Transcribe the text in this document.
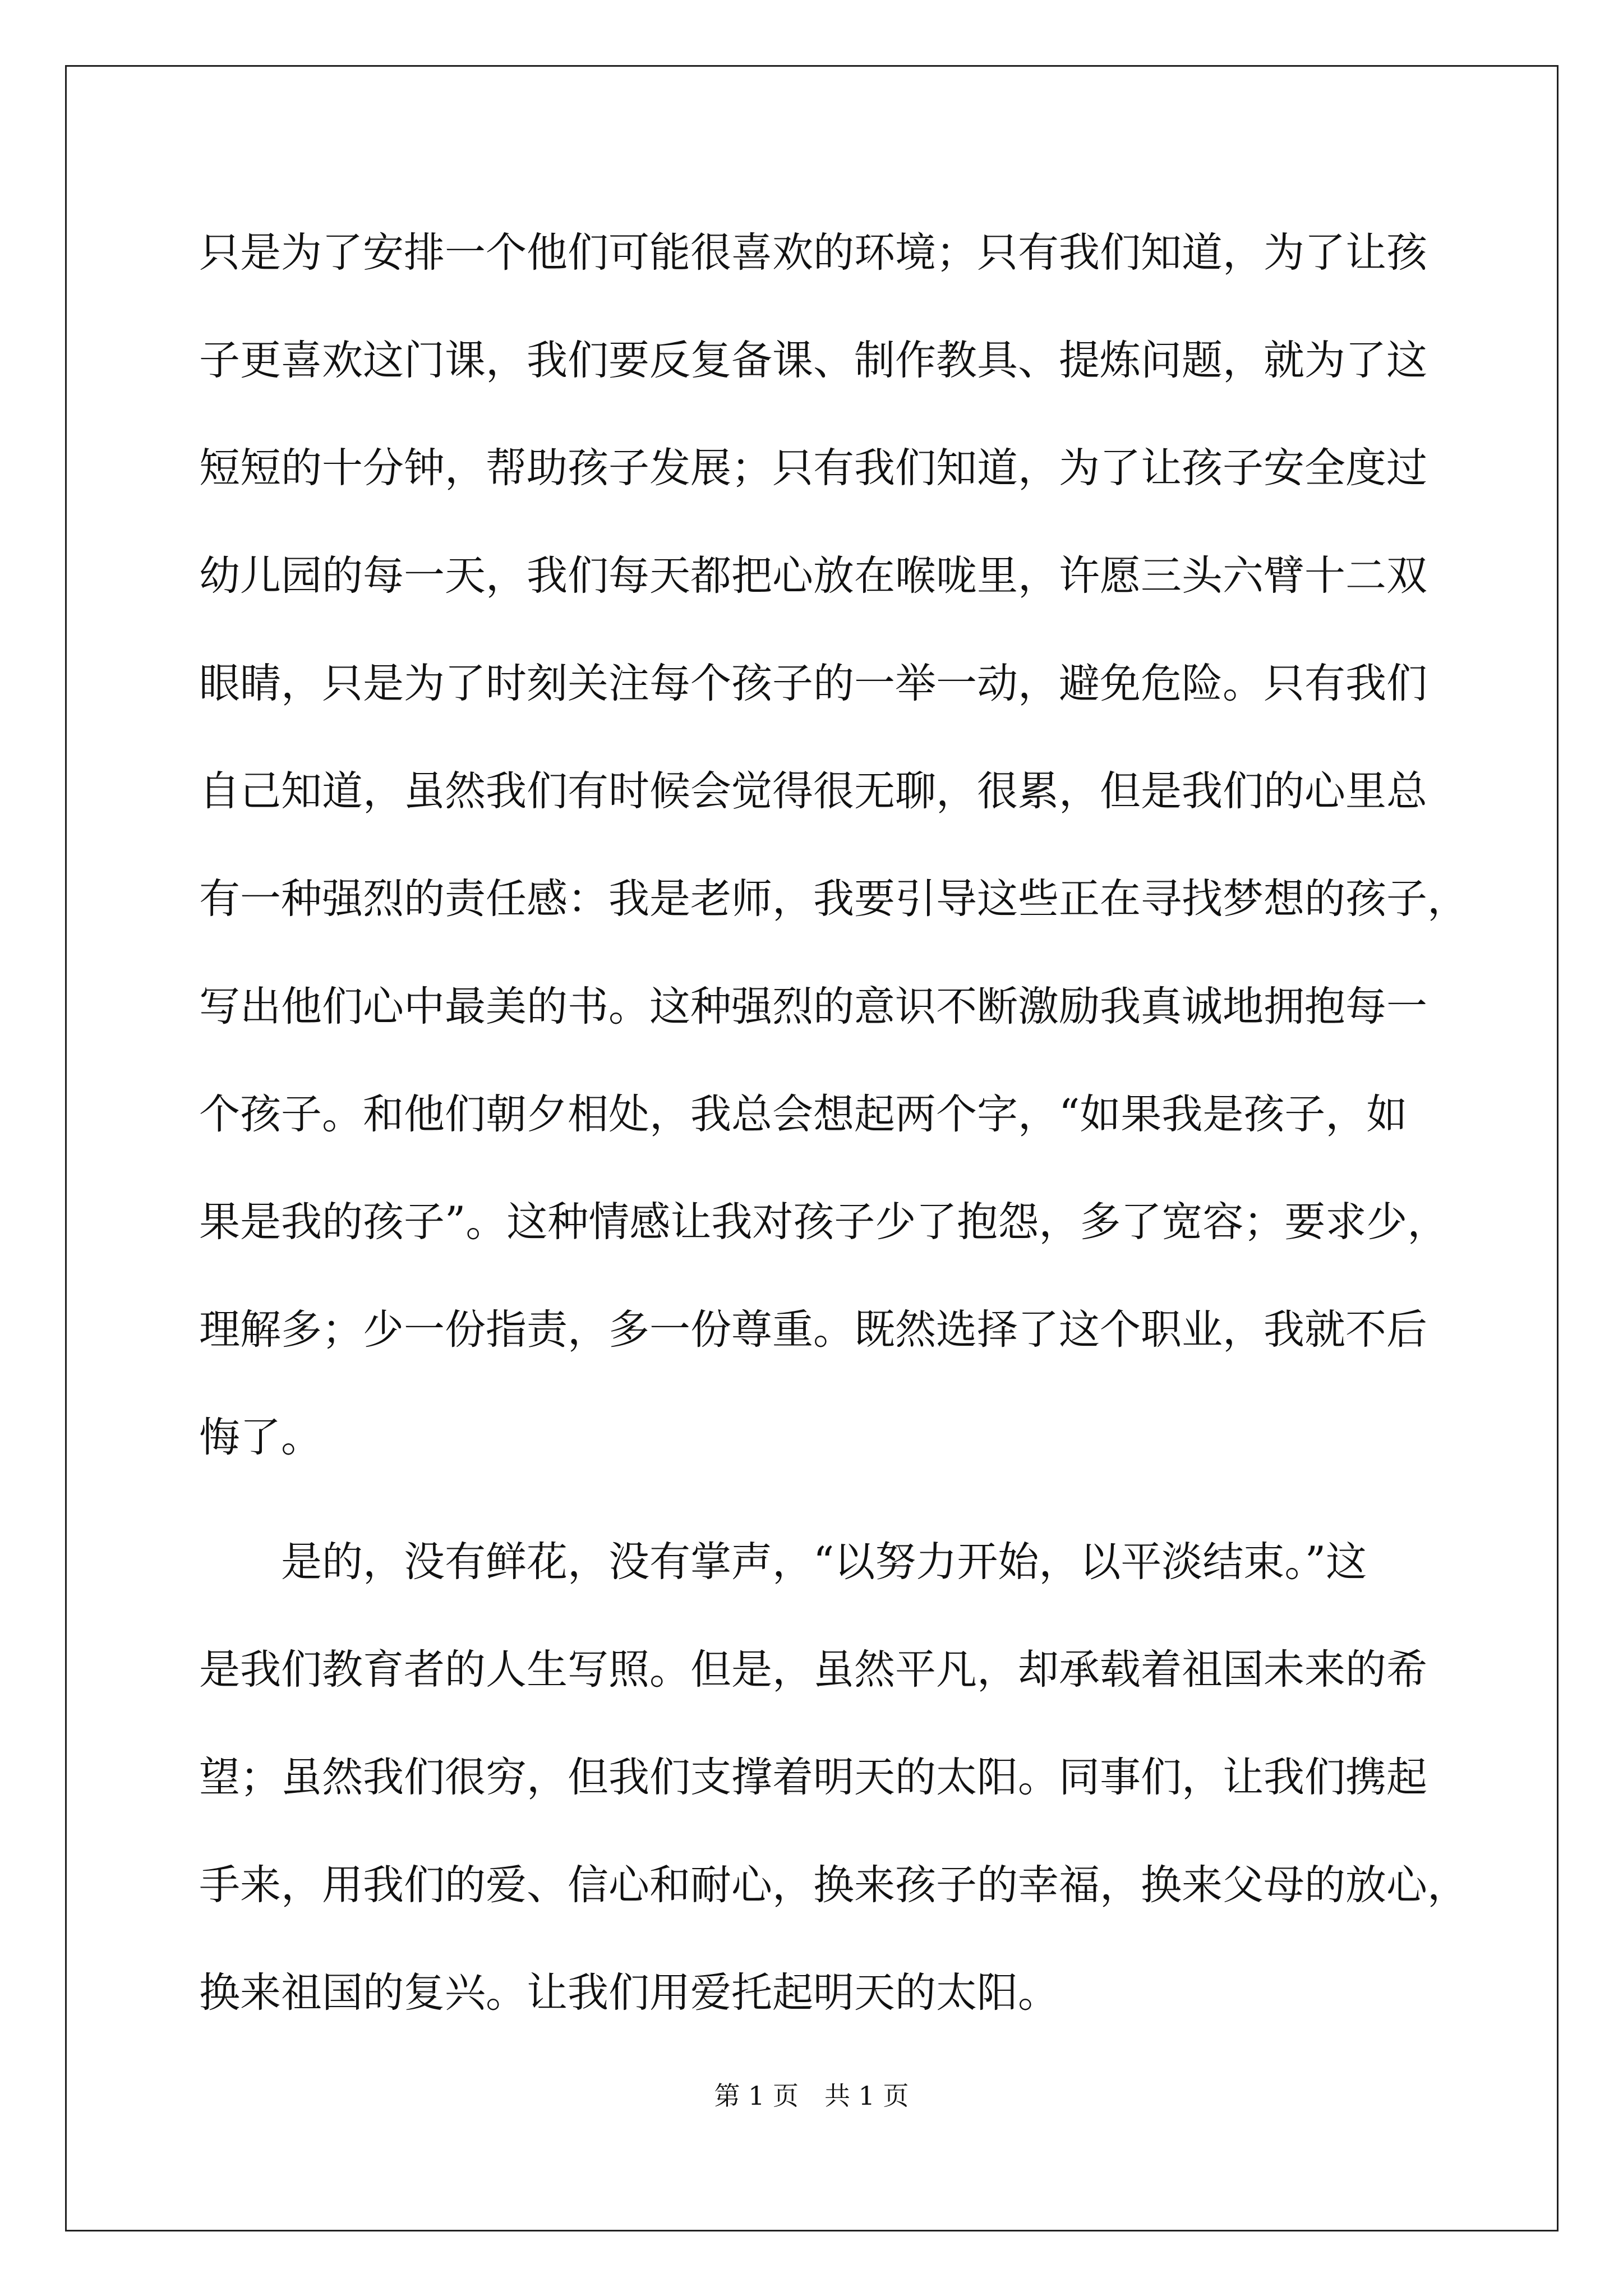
只是为了安排一个他们可能很喜欢的环境；只有我们知道，为了让孩
子更喜欢这门课，我们要反复备课、制作教具、提炼问题，就为了这
短短的十分钟，帮助孩子发展；只有我们知道，为了让孩子安全度过
幼儿园的每一天，我们每天都把心放在喉咙里，许愿三头六臂十二双
眼睛，只是为了时刻关注每个孩子的一举一动，避免危险。只有我们
自己知道，虽然我们有时候会觉得很无聊，很累，但是我们的心里总
有一种强烈的责任感：我是老师，我要引导这些正在寻找梦想的孩子，
写出他们心中最美的书。这种强烈的意识不断激励我真诚地拥抱每一
个孩子。和他们朝夕相处，我总会想起两个字，“如果我是孩子，如
果是我的孩子”。这种情感让我对孩子少了抱怨，多了宽容；要求少，
理解多；少一份指责，多一份尊重。既然选择了这个职业，我就不后
悔了。
　　是的，没有鲜花，没有掌声，“以努力开始，以平淡结束。”这
是我们教育者的人生写照。但是，虽然平凡，却承载着祖国未来的希
望；虽然我们很穷，但我们支撑着明天的太阳。同事们，让我们携起
手来，用我们的爱、信心和耐心，换来孩子的幸福，换来父母的放心，
换来祖国的复兴。让我们用爱托起明天的太阳。
第 1 页　共 1 页
